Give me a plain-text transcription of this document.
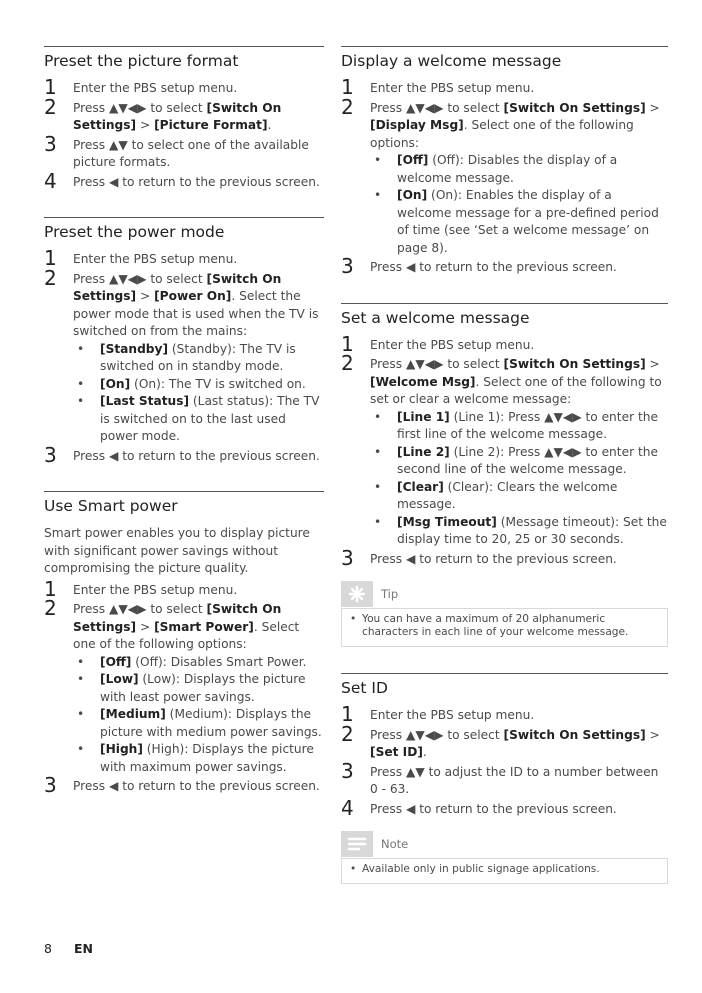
Preset the picture format
1	Enter the PBS setup menu.
2	Press ▲▼◀▶ to select [Switch On Settings] > [Picture Format].
3	Press ▲▼ to select one of the available picture formats.
4	Press ◀ to return to the previous screen.
Preset the power mode
1	Enter the PBS setup menu.
2	Press ▲▼◀▶ to select [Switch On Settings] > [Power On]. Select the power mode that is used when the TV is switched on from the mains:
• [Standby] (Standby): The TV is switched on in standby mode.
• [On] (On): The TV is switched on.
• [Last Status] (Last status): The TV is switched on to the last used power mode.
3	Press ◀ to return to the previous screen.
Use Smart power

Smart power enables you to display picture with significant power savings without compromising the picture quality.

1	Enter the PBS setup menu.
2	Press ▲▼◀▶ to select [Switch On Settings] > [Smart Power]. Select one of the following options:
• [Off] (Off): Disables Smart Power.
• [Low] (Low): Displays the picture with least power savings.
• [Medium] (Medium): Displays the picture with medium power savings.
• [High] (High): Displays the picture with maximum power savings.
3	Press ◀ to return to the previous screen.
Display a welcome message
1	Enter the PBS setup menu.
2	Press ▲▼◀▶ to select [Switch On Settings] > [Display Msg]. Select one of the following options:
• [Off] (Off): Disables the display of a welcome message.
• [On] (On): Enables the display of a welcome message for a pre-defined period of time (see ‘Set a welcome message’ on page 8).
3	Press ◀ to return to the previous screen.
Set a welcome message
1	Enter the PBS setup menu.
2	Press ▲▼◀▶ to select [Switch On Settings] > [Welcome Msg]. Select one of the following to set or clear a welcome message:
• [Line 1] (Line 1): Press ▲▼◀▶ to enter the first line of the welcome message.
• [Line 2] (Line 2): Press ▲▼◀▶ to enter the second line of the welcome message.
• [Clear] (Clear): Clears the welcome message.
• [Msg Timeout] (Message timeout): Set the display time to 20, 25 or 30 seconds.
3	Press ◀ to return to the previous screen.
Tip
• You can have a maximum of 20 alphanumeric characters in each line of your welcome message.
Set ID
1	Enter the PBS setup menu.
2	Press ▲▼◀▶ to select [Switch On Settings] > [Set ID].
3	Press ▲▼ to adjust the ID to a number between 0 - 63.
4	Press ◀ to return to the previous screen.
Note
• Available only in public signage applications.
8 EN
